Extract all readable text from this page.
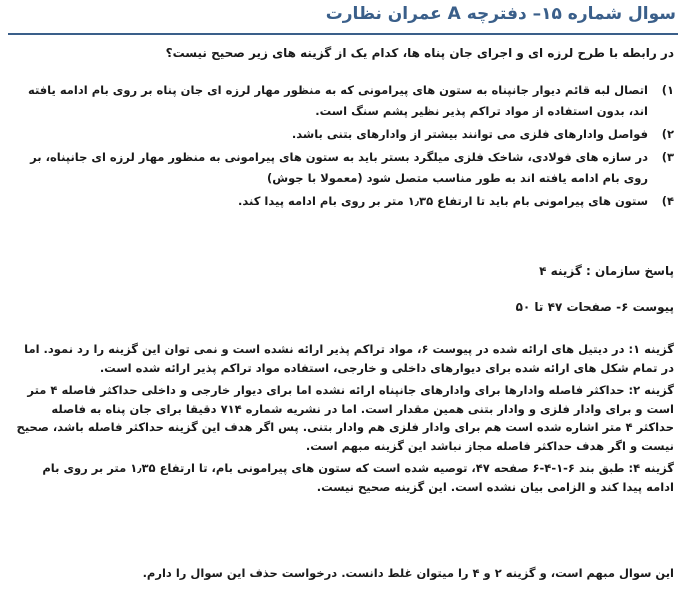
سوال شماره ۱۵– دفترچه A عمران نظارت
در رابطه با طرح لرزه ای و اجرای جان پناه ها، کدام یک از گزینه های زیر صحیح نیست؟
۱)
اتصال لبه قائم دیوار جانپناه به ستون های پیرامونی که به منظور مهار لرزه ای جان پناه بر روی بام ادامه یافته اند، بدون استفاده از مواد تراکم پذیر نظیر پشم سنگ است.
۲)
فواصل وادارهای فلزی می توانند بیشتر از وادارهای بتنی باشد.
۳)
در سازه های فولادی، شاخک فلزی میلگرد بستر باید به ستون های پیرامونی به منظور مهار لرزه ای جانپناه، بر روی بام ادامه یافته اند به طور مناسب متصل شود (معمولا با جوش)
۴)
ستون های پیرامونی بام باید تا ارتفاع ۱٫۳۵ متر بر روی بام ادامه پیدا کند.
پاسخ سازمان : گزینه ۴
پیوست ۶- صفحات ۴۷ تا ۵۰

گزینه ۱: در دیتیل های ارائه شده در پیوست ۶، مواد تراکم پذیر ارائه نشده است و نمی توان این گزینه را رد نمود. اما در تمام شکل های ارائه شده برای دیوارهای داخلی و خارجی، استفاده مواد تراکم پذیر ارائه شده است.

گزینه ۲: حداکثر فاصله وادارها برای وادارهای جانپناه ارائه نشده اما برای دیوار خارجی و داخلی حداکثر فاصله ۴ متر است و برای وادار فلزی و وادار بتنی همین مقدار است. اما در نشریه شماره ۷۱۴ دقیقا برای جان پناه به فاصله حداکثر ۴ متر اشاره شده است هم برای وادار فلزی هم وادار بتنی. پس اگر هدف این گزینه حداکثر فاصله باشد، صحیح نیست و اگر هدف حداکثر فاصله مجاز نباشد این گزینه مبهم است.

گزینه ۴: طبق بند ۶-۱-۴-۶ صفحه ۴۷، توصیه شده است که ستون های پیرامونی بام، تا ارتفاع ۱٫۳۵ متر بر روی بام ادامه پیدا کند و الزامی بیان نشده است. این گزینه صحیح نیست.

این سوال مبهم است، و گزینه ۲ و ۴ را میتوان غلط دانست. درخواست حذف این سوال را دارم.
